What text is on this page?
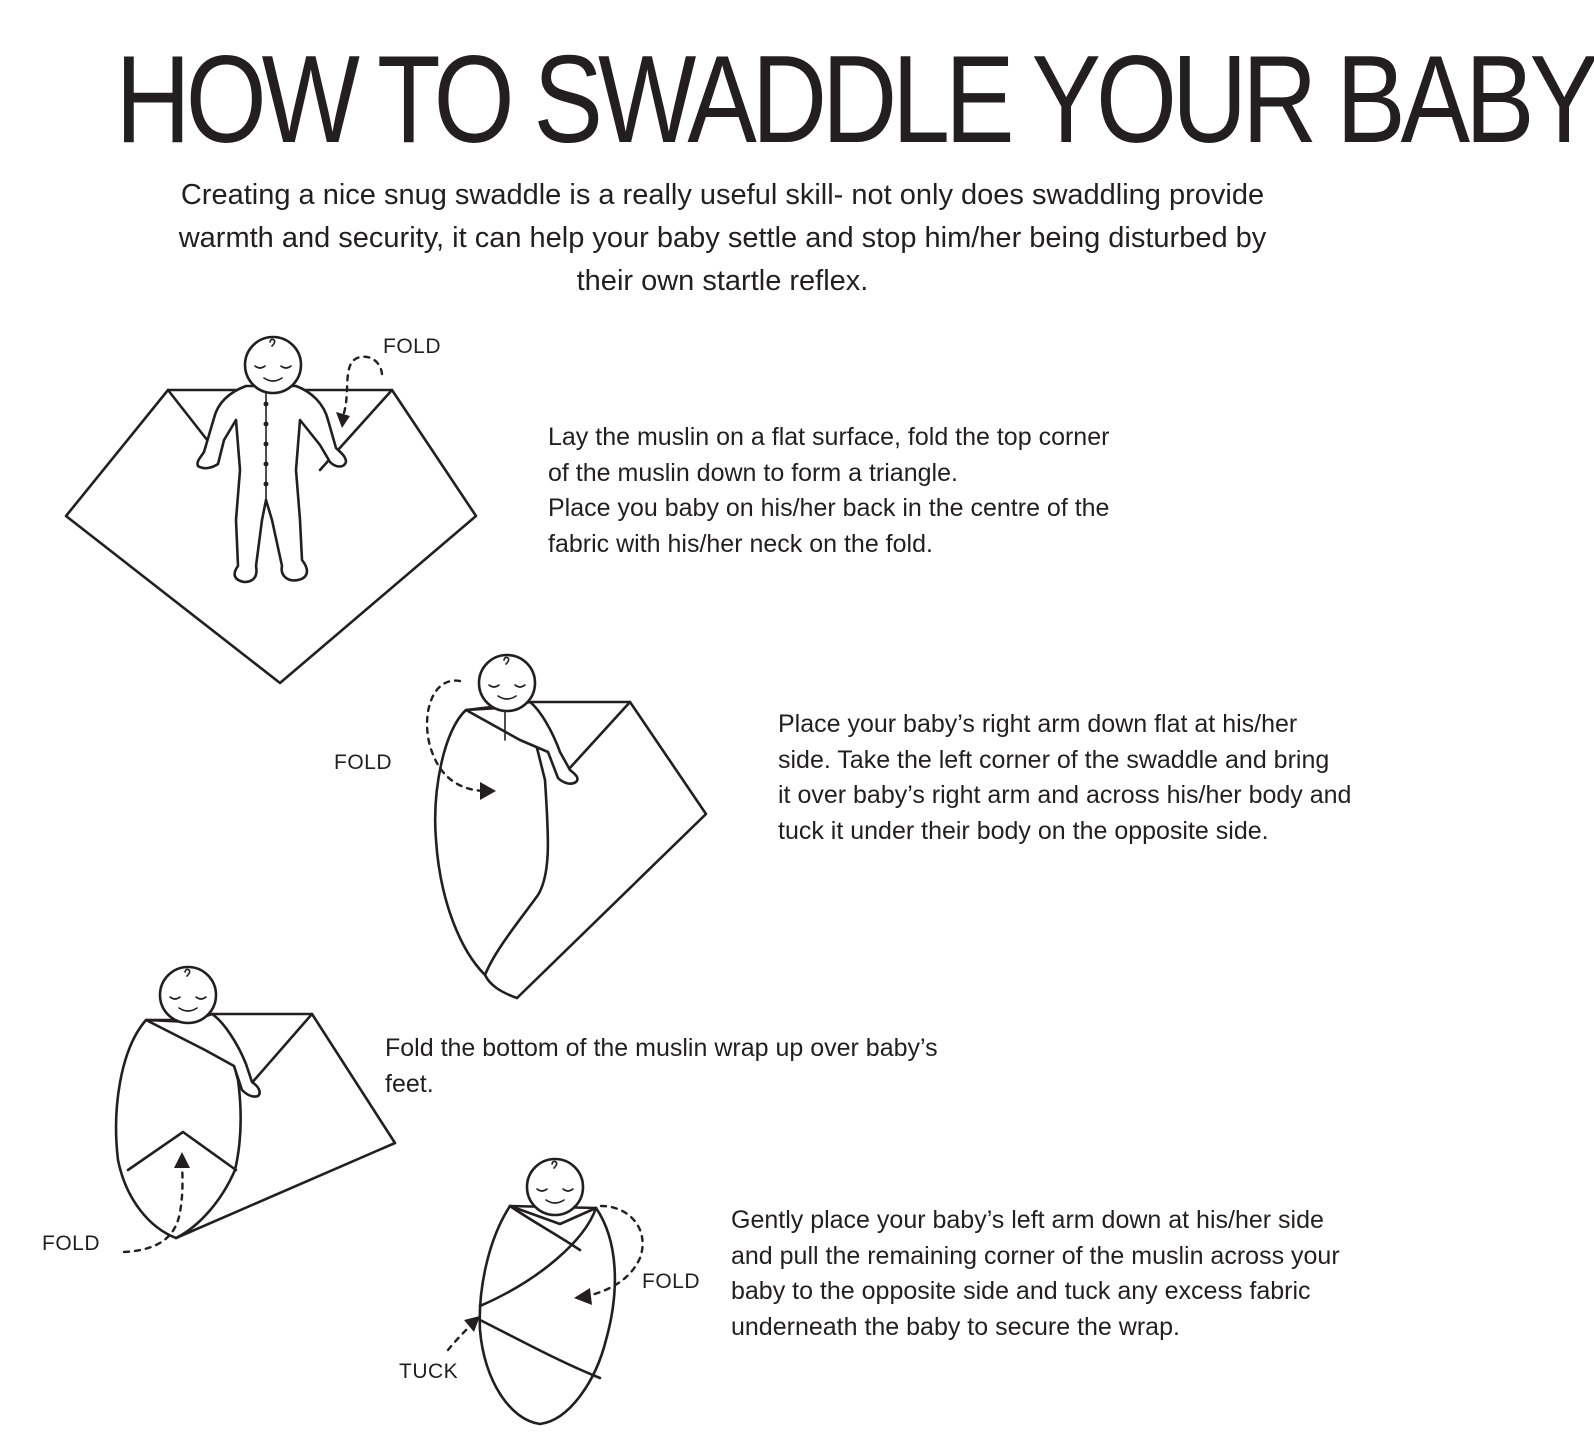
HOW TO SWADDLE YOUR BABY

Creating a nice snug swaddle is a really useful skill- not only does swaddling provide
warmth and security, it can help your baby settle and stop him/her being disturbed by
their own startle reflex.

FOLD
FOLD
FOLD
FOLD
TUCK

Lay the muslin on a flat surface, fold the top corner
of the muslin down to form a triangle.
Place you baby on his/her back in the centre of the
fabric with his/her neck on the fold.

Place your baby’s right arm down flat at his/her
side. Take the left corner of the swaddle and bring
it over baby’s right arm and across his/her body and
tuck it under their body on the opposite side.

Fold the bottom of the muslin wrap up over baby’s
feet.

Gently place your baby’s left arm down at his/her side
and pull the remaining corner of the muslin across your
baby to the opposite side and tuck any excess fabric
underneath the baby to secure the wrap.
